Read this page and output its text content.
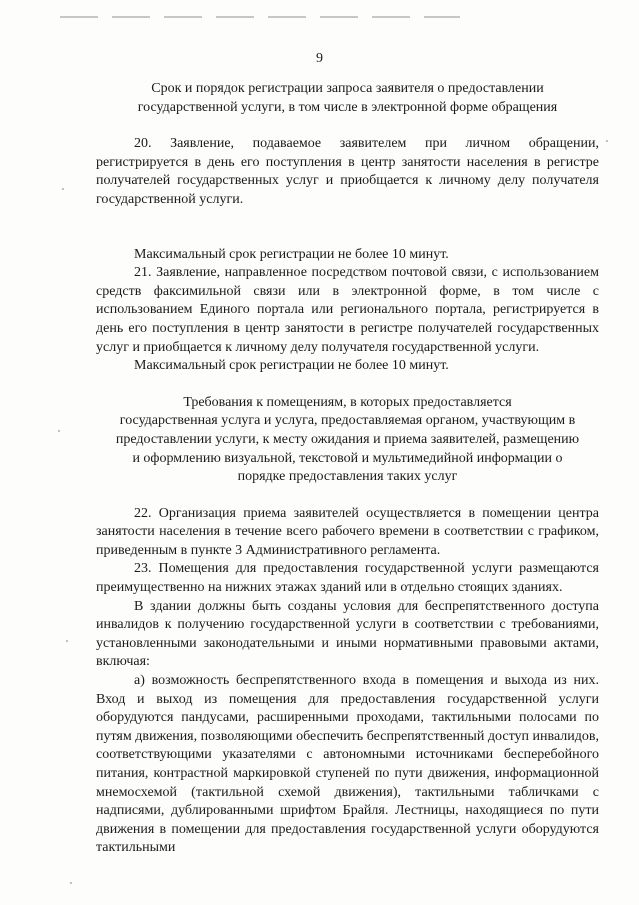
9
Срок и порядок регистрации запроса заявителя о предоставлении
государственной услуги, в том числе в электронной форме обращения

20. Заявление, подаваемое заявителем при личном обращении, регистрируется в день его поступления в центр занятости населения в регистре получателей государственных услуг и приобщается к личному делу получателя государственной услуги.

Максимальный срок регистрации не более 10 минут.

21. Заявление, направленное посредством почтовой связи, с использованием средств факсимильной связи или в электронной форме, в том числе с использованием Единого портала или регионального портала, регистрируется в день его поступления в центр занятости в регистре получателей государственных услуг и приобщается к личному делу получателя государственной услуги.

Максимальный срок регистрации не более 10 минут.

Требования к помещениям, в которых предоставляется
государственная услуга и услуга, предоставляемая органом, участвующим в
предоставлении услуги, к месту ожидания и приема заявителей, размещению
и оформлению визуальной, текстовой и мультимедийной информации о
порядке предоставления таких услуг

22. Организация приема заявителей осуществляется в помещении центра занятости населения в течение всего рабочего времени в соответствии с графиком, приведенным в пункте 3 Административного регламента.

23. Помещения для предоставления государственной услуги размещаются преимущественно на нижних этажах зданий или в отдельно стоящих зданиях.

В здании должны быть созданы условия для беспрепятственного доступа инвалидов к получению государственной услуги в соответствии с требованиями, установленными законодательными и иными нормативными правовыми актами, включая:

а) возможность беспрепятственного входа в помещения и выхода из них. Вход и выход из помещения для предоставления государственной услуги оборудуются пандусами, расширенными проходами, тактильными полосами по путям движения, позволяющими обеспечить беспрепятственный доступ инвалидов, соответствующими указателями с автономными источниками бесперебойного питания, контрастной маркировкой ступеней по пути движения, информационной мнемосхемой (тактильной схемой движения), тактильными табличками с надписями, дублированными шрифтом Брайля. Лестницы, находящиеся по пути движения в помещении для предоставления государственной услуги оборудуются тактильными
